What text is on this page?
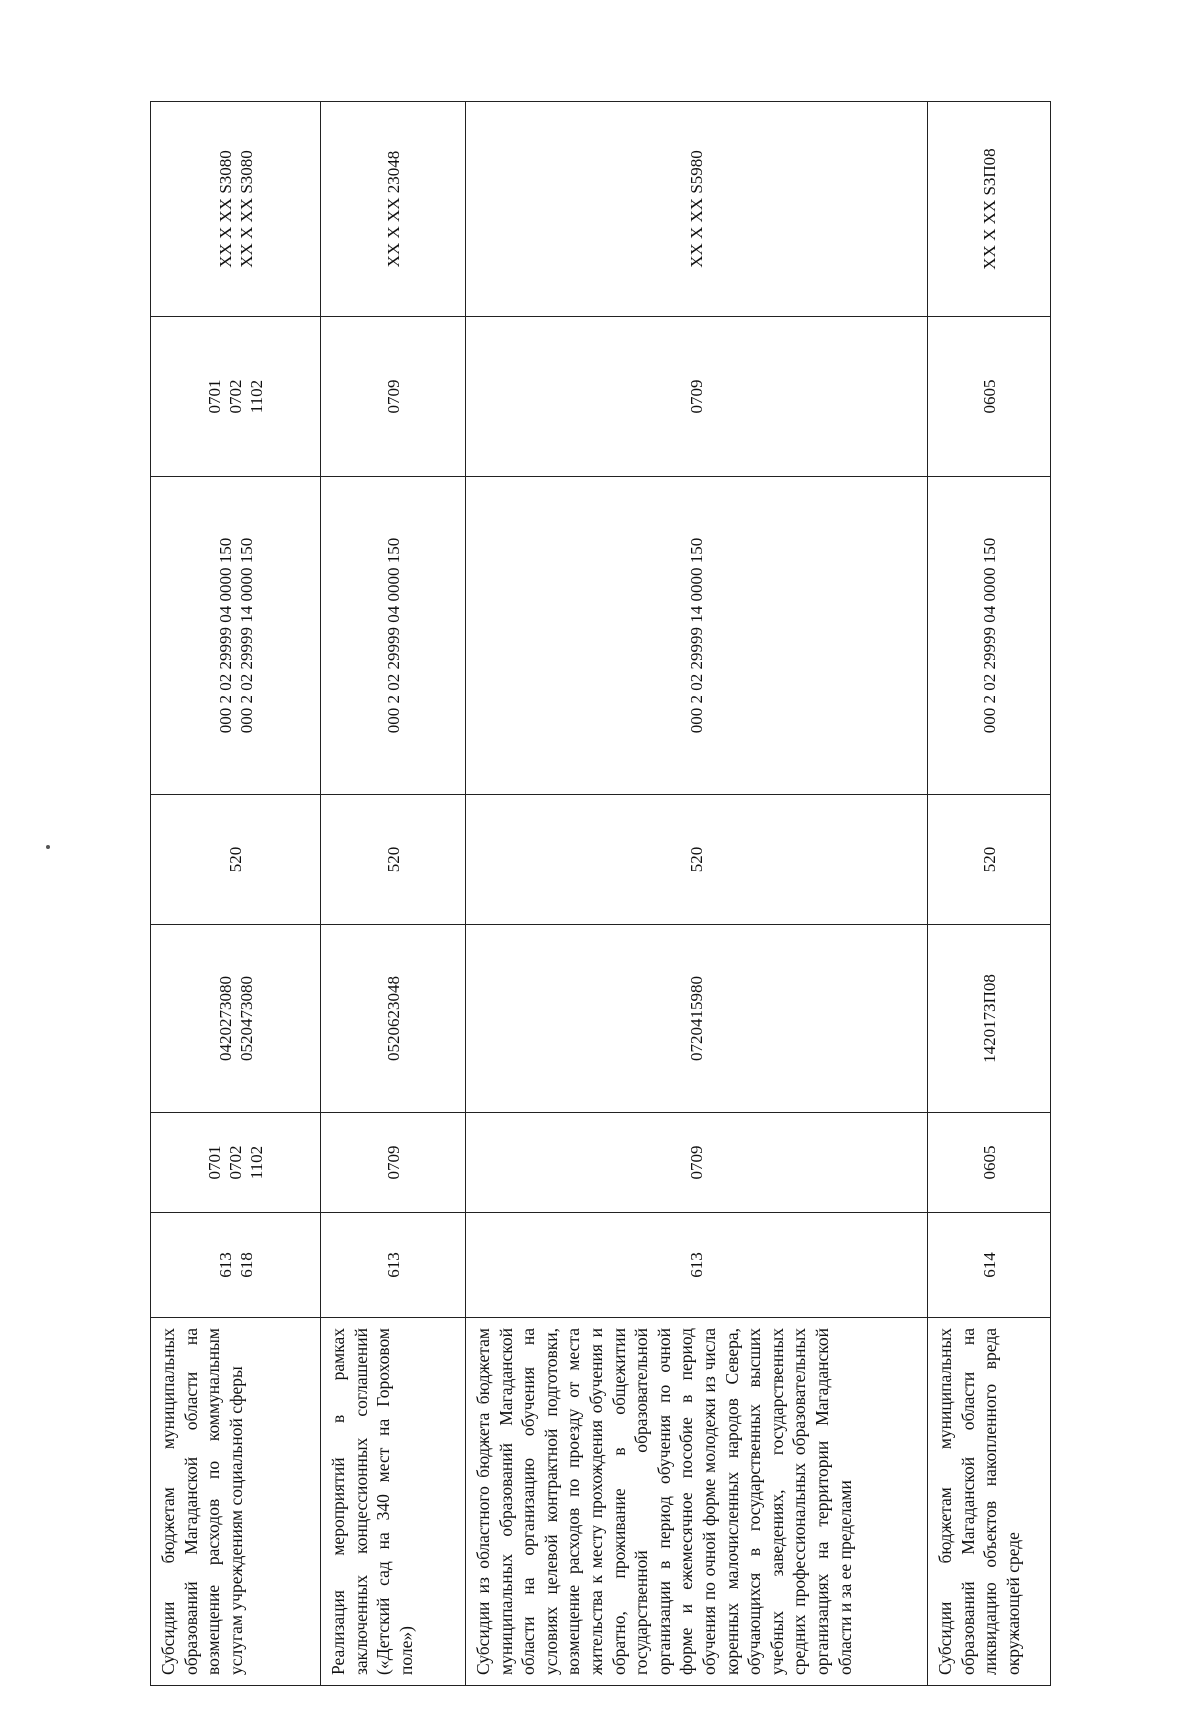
Субсидии бюджетам муниципальных образований Магаданской области на возмещение расходов по коммунальным услугам учреждениям социальной сферы	613 618	0701 0702 1102	0420273080 0520473080	520	000 2 02 29999 04 0000 150 000 2 02 29999 14 0000 150	0701 0702 1102	XX X XX S3080 XX X XX S3080

Реализация мероприятий в рамках заключенных концессионных соглашений («Детский сад на 340 мест на Гороховом поле»)	613	0709	0520623048	520	000 2 02 29999 04 0000 150	0709	XX X XX 23048

Субсидии из областного бюджета бюджетам муниципальных образований Магаданской области на организацию обучения на условиях целевой контрактной подготовки, возмещение расходов по проезду от места жительства к месту прохождения обучения и обратно, проживание в общежитии государственной образовательной организации в период обучения по очной форме и ежемесячное пособие в период обучения по очной форме молодежи из числа коренных малочисленных народов Севера, обучающихся в государственных высших учебных заведениях, государственных средних профессиональных образовательных организациях на территории Магаданской области и за ее пределами	613	0709	0720415980	520	000 2 02 29999 14 0000 150	0709	XX X XX S5980

Субсидии бюджетам муниципальных образований Магаданской области на ликвидацию объектов накопленного вреда окружающей среде	614	0605	142017ЗП08	520	000 2 02 29999 04 0000 150	0605	XX X XX S3П08
